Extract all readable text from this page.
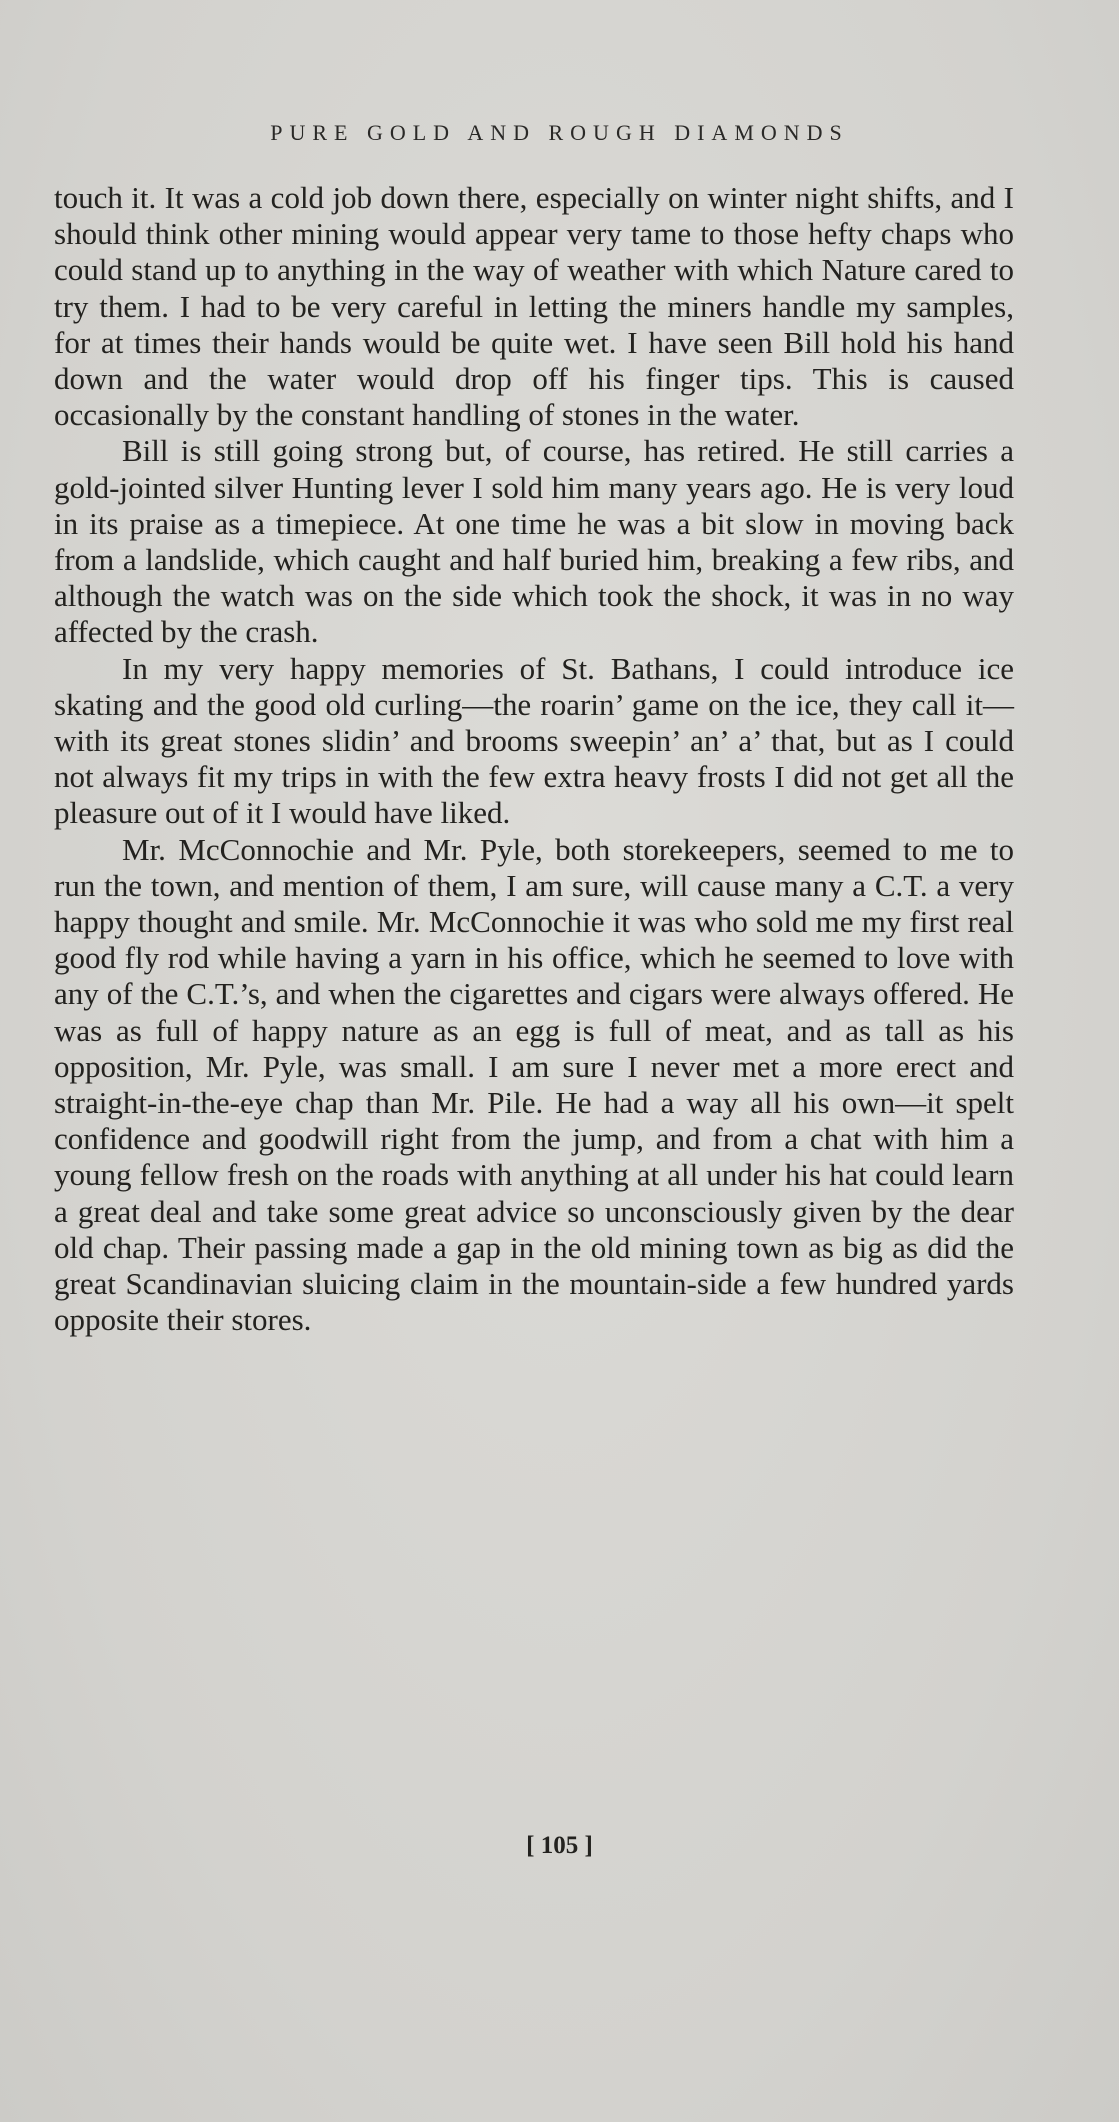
PURE GOLD AND ROUGH DIAMONDS

touch it. It was a cold job down there, especially on winter night shifts, and I should think other mining would appear very tame to those hefty chaps who could stand up to anything in the way of weather with which Nature cared to try them. I had to be very careful in letting the miners handle my samples, for at times their hands would be quite wet. I have seen Bill hold his hand down and the water would drop off his finger tips. This is caused occasionally by the constant handling of stones in the water.

Bill is still going strong but, of course, has retired. He still carries a gold-jointed silver Hunting lever I sold him many years ago. He is very loud in its praise as a timepiece. At one time he was a bit slow in moving back from a landslide, which caught and half buried him, breaking a few ribs, and although the watch was on the side which took the shock, it was in no way affected by the crash.

In my very happy memories of St. Bathans, I could introduce ice skating and the good old curling—the roarin’ game on the ice, they call it—with its great stones slidin’ and brooms sweepin’ an’ a’ that, but as I could not always fit my trips in with the few extra heavy frosts I did not get all the pleasure out of it I would have liked.

Mr. McConnochie and Mr. Pyle, both storekeepers, seemed to me to run the town, and mention of them, I am sure, will cause many a C.T. a very happy thought and smile. Mr. McConnochie it was who sold me my first real good fly rod while having a yarn in his office, which he seemed to love with any of the C.T.’s, and when the cigarettes and cigars were always offered. He was as full of happy nature as an egg is full of meat, and as tall as his opposition, Mr. Pyle, was small. I am sure I never met a more erect and straight-in-the-eye chap than Mr. Pile. He had a way all his own—it spelt confidence and goodwill right from the jump, and from a chat with him a young fellow fresh on the roads with anything at all under his hat could learn a great deal and take some great advice so unconsciously given by the dear old chap. Their passing made a gap in the old mining town as big as did the great Scandinavian sluicing claim in the mountain-side a few hundred yards opposite their stores.

[ 105 ]
